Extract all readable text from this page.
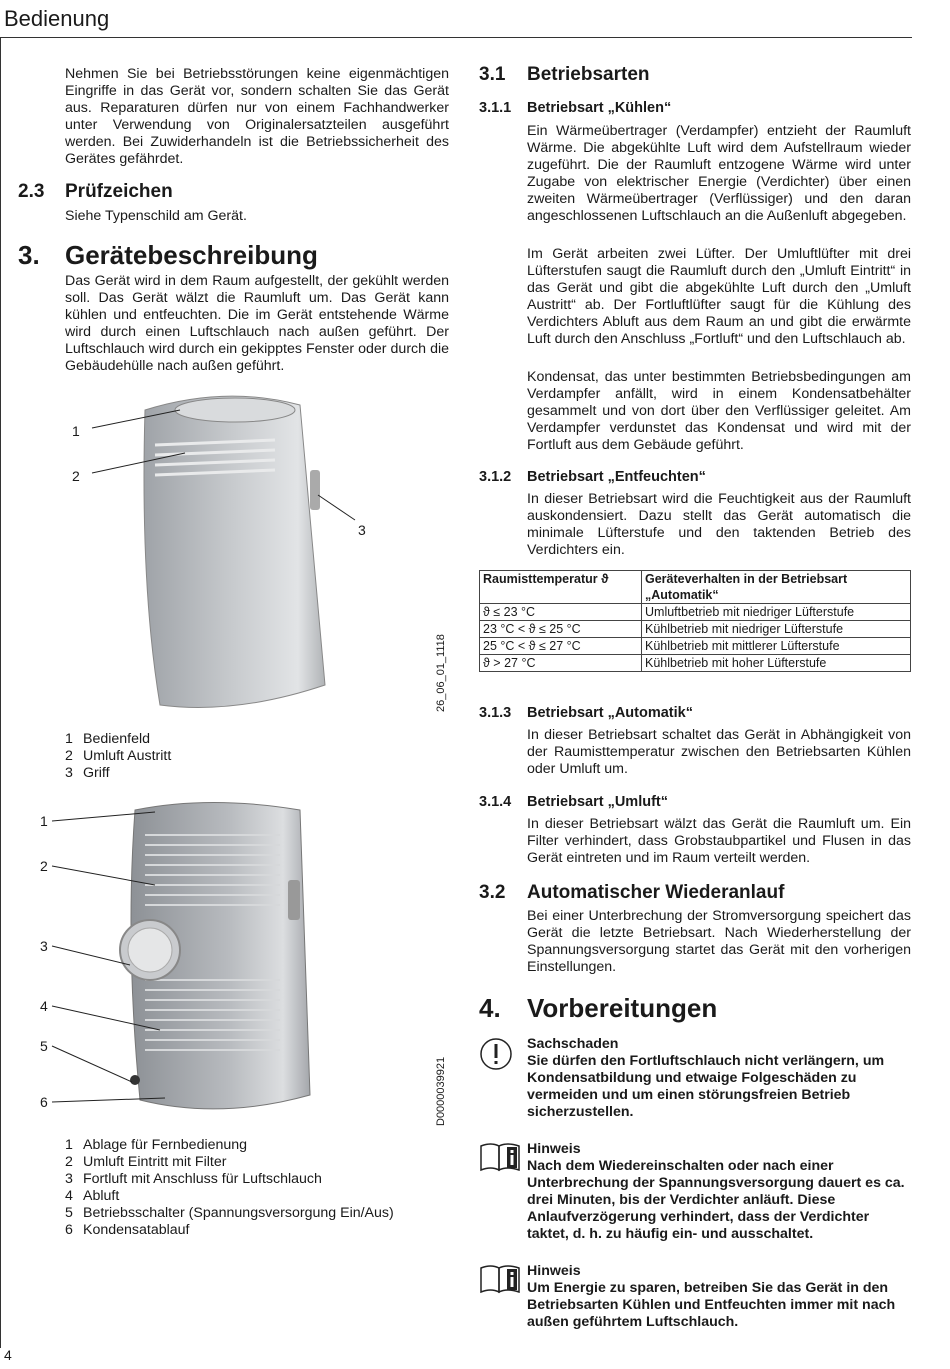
Bedienung

Nehmen Sie bei Betriebsstörungen keine eigenmächtigen Eingriffe in das Gerät vor, sondern schalten Sie das Gerät aus. Reparaturen dürfen nur von einem Fachhandwerker unter Verwendung von Originalersatzteilen ausgeführt werden. Bei Zuwiderhandeln ist die Betriebssicherheit des Gerätes gefährdet.

2.3 Prüfzeichen

Siehe Typenschild am Gerät.

3. Gerätebeschreibung

Das Gerät wird in dem Raum aufgestellt, der gekühlt werden soll. Das Gerät wälzt die Raumluft um. Das Gerät kann kühlen und entfeuchten. Die im Gerät entstehende Wärme wird durch einen Luftschlauch nach außen geführt. Der Luftschlauch wird durch ein gekipptes Fenster oder durch die Gebäudehülle nach außen geführt.

1
2
3
26_06_01_1118
1 Bedienfeld
2 Umluft Austritt
3 Griff
1
2
3
4
5
6	D0000039921
1 Ablage für Fernbedienung
2 Umluft Eintritt mit Filter
3 Fortluft mit Anschluss für Luftschlauch
4 Abluft
5 Betriebsschalter (Spannungsversorgung Ein/Aus)
6 Kondensatablauf
4
3.1 Betriebsarten
3.1.1 Betriebsart „Kühlen“

Ein Wärmeübertrager (Verdampfer) entzieht der Raumluft Wärme. Die abgekühlte Luft wird dem Aufstellraum wieder zugeführt. Die der Raumluft entzogene Wärme wird unter Zugabe von elektrischer Energie (Verdichter) über einen zweiten Wärmeübertrager (Verflüssiger) und den daran angeschlossenen Luftschlauch an die Außenluft abgegeben.

Im Gerät arbeiten zwei Lüfter. Der Umluftlüfter mit drei Lüfterstufen saugt die Raumluft durch den „Umluft Eintritt“ in das Gerät und gibt die abgekühlte Luft durch den „Umluft Austritt“ ab. Der Fortluftlüfter saugt für die Kühlung des Verdichters Abluft aus dem Raum an und gibt die erwärmte Luft durch den Anschluss „Fortluft“ und den Luftschlauch ab.

Kondensat, das unter bestimmten Betriebsbedingungen am Verdampfer anfällt, wird in einem Kondensatbehälter gesammelt und von dort über den Verflüssiger geleitet. Am Verdampfer verdunstet das Kondensat und wird mit der Fortluft aus dem Gebäude geführt.

3.1.2 Betriebsart „Entfeuchten“

In dieser Betriebsart wird die Feuchtigkeit aus der Raumluft auskondensiert. Dazu stellt das Gerät automatisch die minimale Lüfterstufe und den taktenden Betrieb des Verdichters ein.

Raumisttemperatur ϑ	Geräteverhalten in der Betriebsart „Automatik“
ϑ ≤ 23 °C	Umluftbetrieb mit niedriger Lüfterstufe
23 °C < ϑ ≤ 25 °C	Kühlbetrieb mit niedriger Lüfterstufe
25 °C < ϑ ≤ 27 °C	Kühlbetrieb mit mittlerer Lüfterstufe
ϑ > 27 °C	Kühlbetrieb mit hoher Lüfterstufe
3.1.3 Betriebsart „Automatik“

In dieser Betriebsart schaltet das Gerät in Abhängigkeit von der Raumisttemperatur zwischen den Betriebsarten Kühlen oder Umluft um.

3.1.4 Betriebsart „Umluft“

In dieser Betriebsart wälzt das Gerät die Raumluft um. Ein Filter verhindert, dass Grobstaubpartikel und Flusen in das Gerät eintreten und im Raum verteilt werden.

3.2 Automatischer Wiederanlauf

Bei einer Unterbrechung der Stromversorgung speichert das Gerät die letzte Betriebsart. Nach Wiederherstellung der Spannungsversorgung startet das Gerät mit den vorherigen Einstellungen.

4. Vorbereitungen
Sachschaden

Sie dürfen den Fortluftschlauch nicht verlängern, um Kondensatbildung und etwaige Folgeschäden zu vermeiden und um einen störungsfreien Betrieb sicherzustellen.

Hinweis

Nach dem Wiedereinschalten oder nach einer Unterbrechung der Spannungsversorgung dauert es ca. drei Minuten, bis der Verdichter anläuft. Diese Anlaufverzögerung verhindert, dass der Verdichter taktet, d. h. zu häufig ein- und ausschaltet.

Hinweis

Um Energie zu sparen, betreiben Sie das Gerät in den Betriebsarten Kühlen und Entfeuchten immer mit nach außen geführtem Luftschlauch.
